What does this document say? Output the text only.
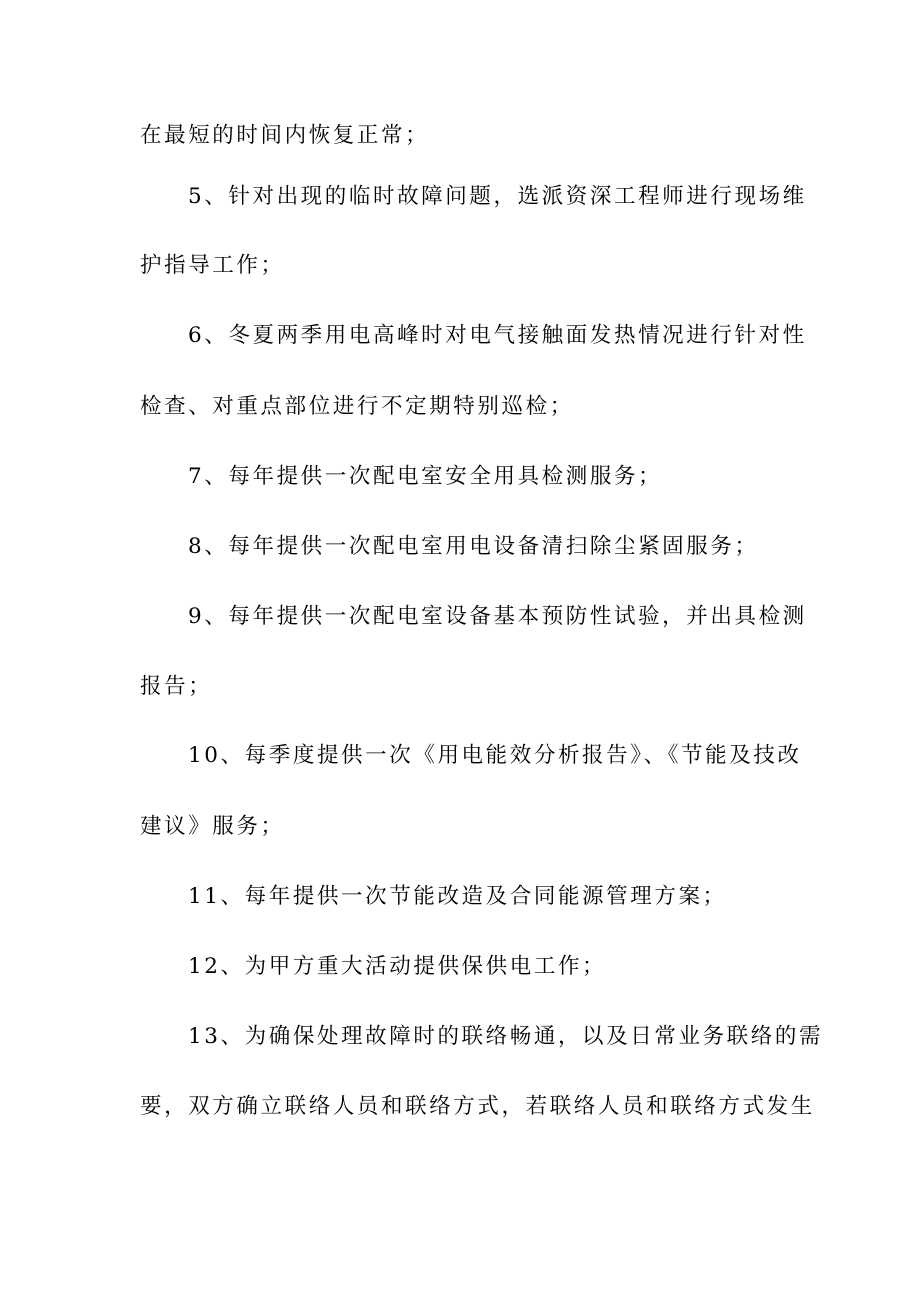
在最短的时间内恢复正常；
5、针对出现的临时故障问题，选派资深工程师进行现场维
护指导工作；
6、冬夏两季用电高峰时对电气接触面发热情况进行针对性
检查、对重点部位进行不定期特别巡检；
7、每年提供一次配电室安全用具检测服务；
8、每年提供一次配电室用电设备清扫除尘紧固服务；
9、每年提供一次配电室设备基本预防性试验，并出具检测
报告；
10、每季度提供一次《用电能效分析报告》、《节能及技改
建议》服务；
11、每年提供一次节能改造及合同能源管理方案；
12、为甲方重大活动提供保供电工作；
13、为确保处理故障时的联络畅通，以及日常业务联络的需
要，双方确立联络人员和联络方式，若联络人员和联络方式发生
